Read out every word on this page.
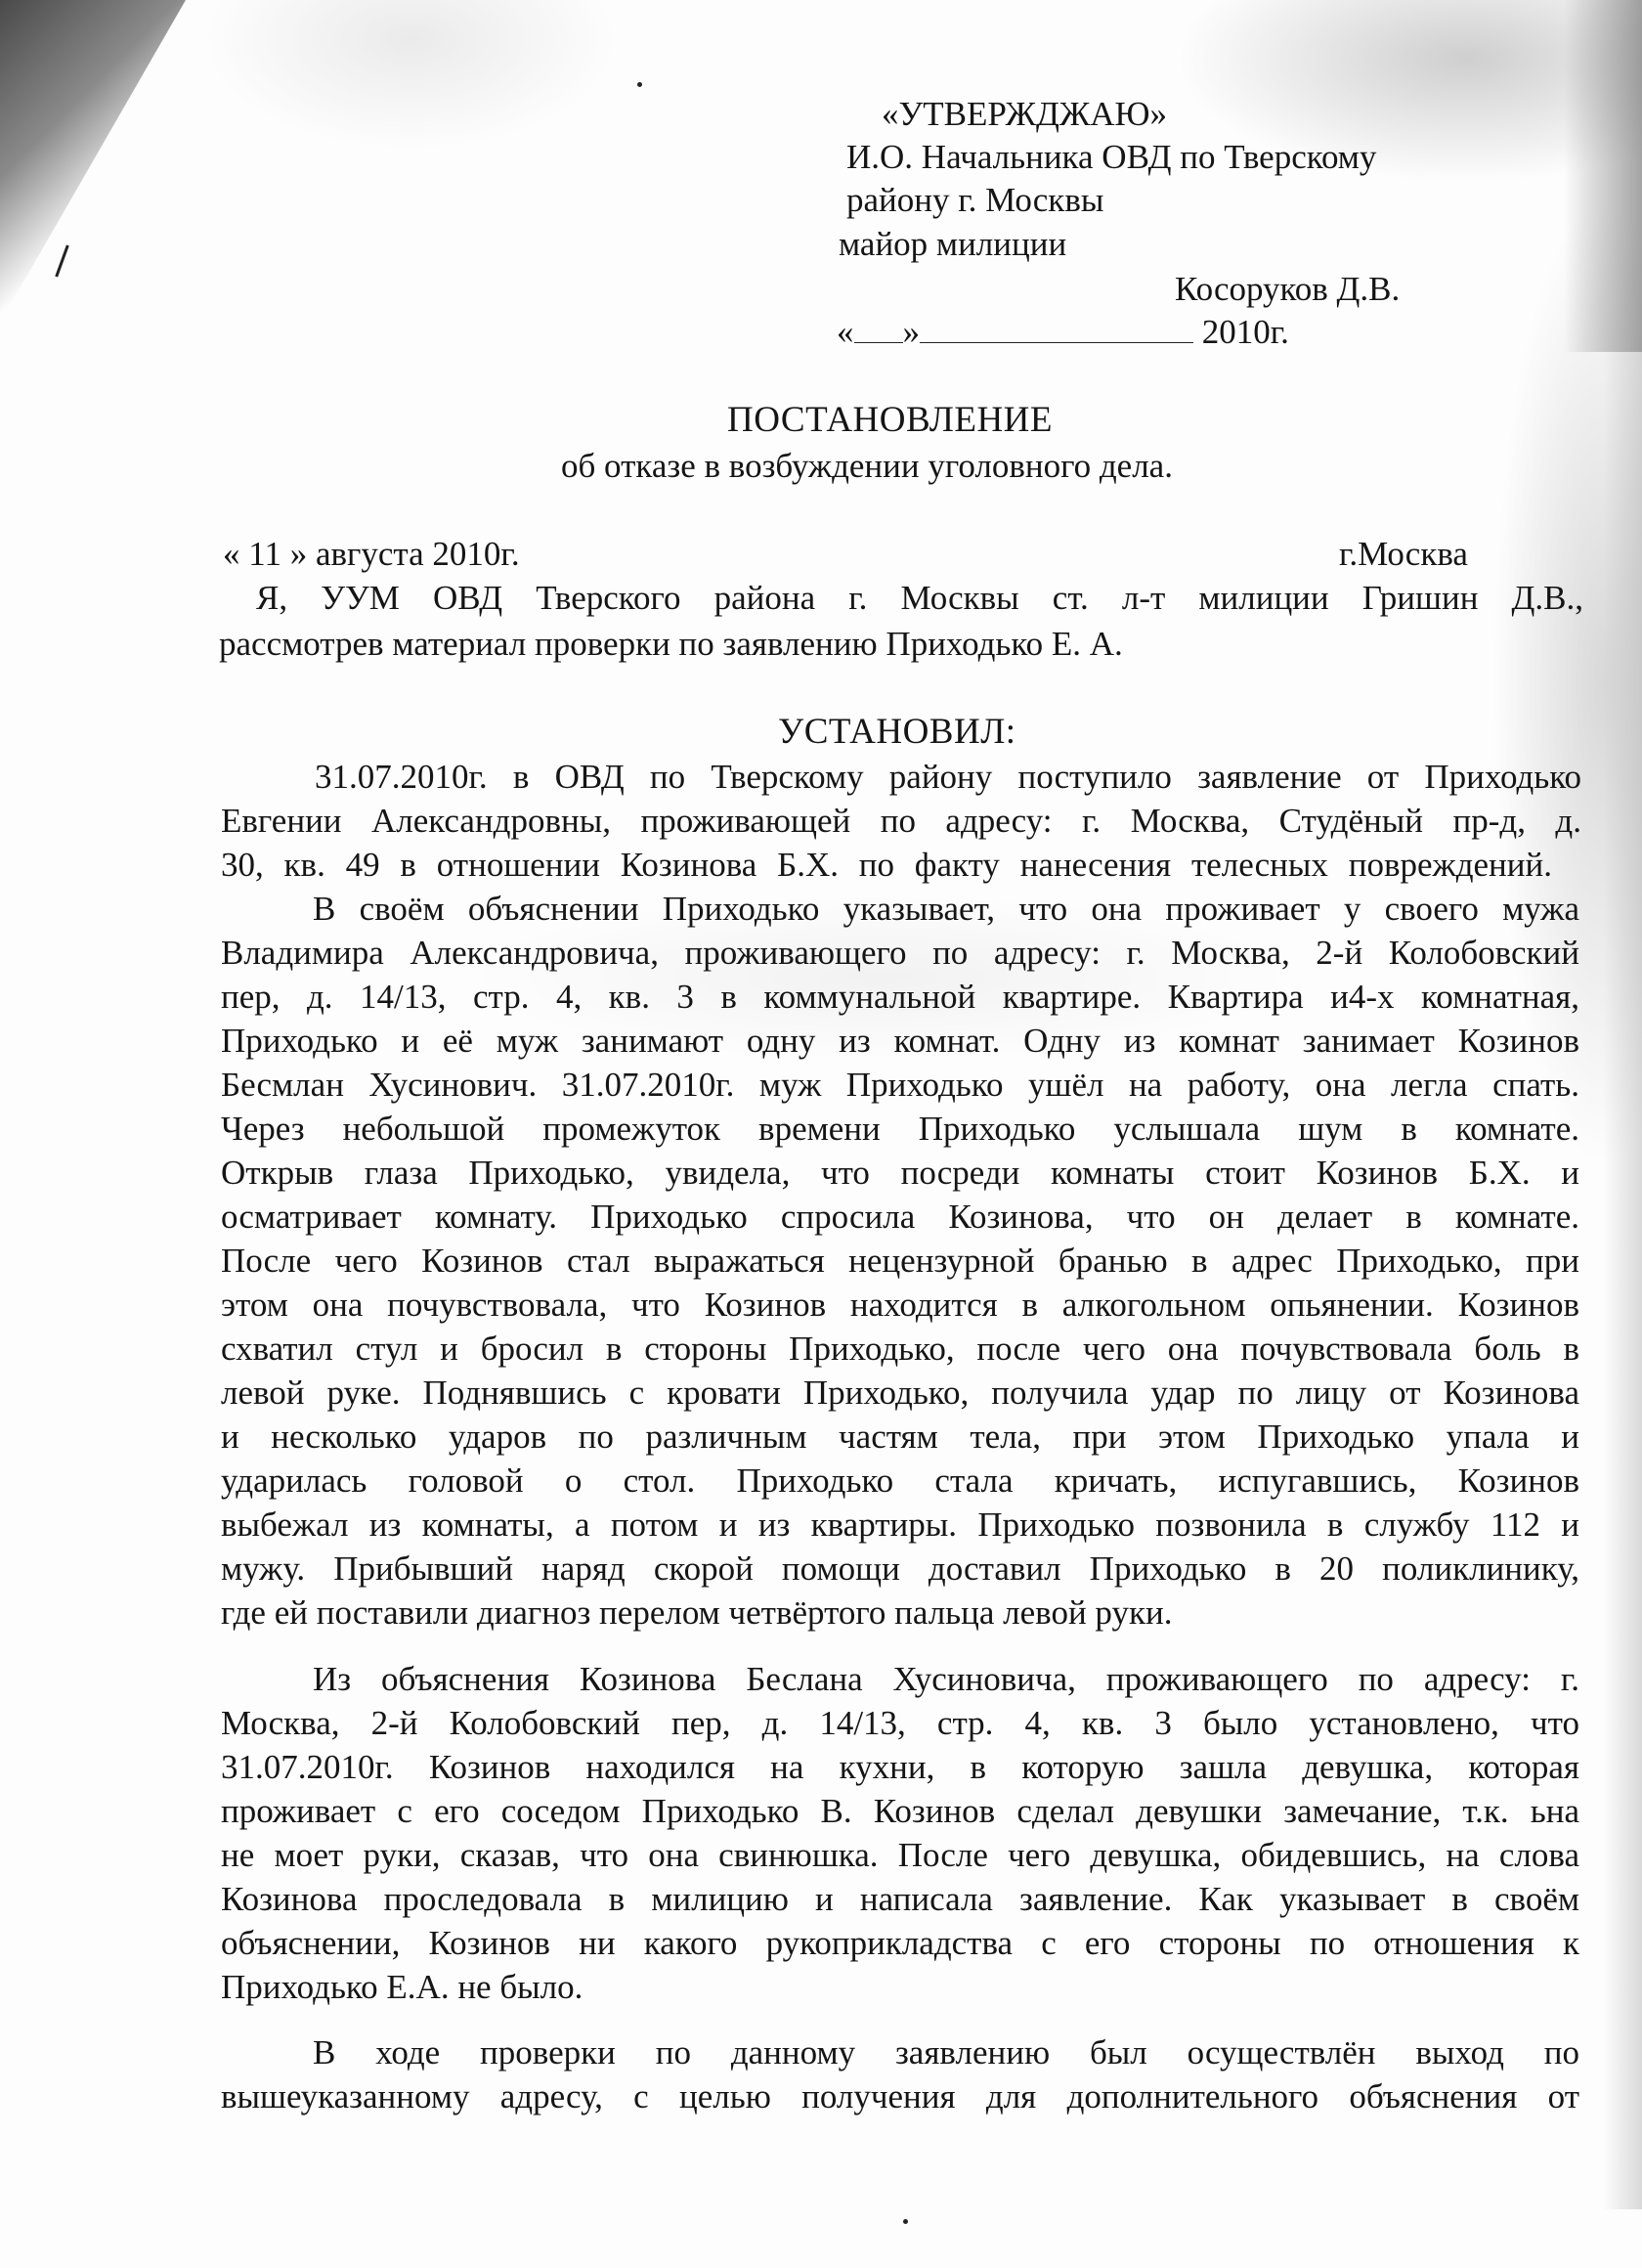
«УТВЕРЖДЖАЮ»
И.О. Начальника ОВД по Тверскому
району г. Москвы
майор милиции
Косоруков Д.В.
« »	2010г.
ПОСТАНОВЛЕНИЕ
об отказе в возбуждении уголовного дела.
« 11 » августа 2010г.	г.Москва
Я, УУМ ОВД Тверского района г. Москвы ст. л-т милиции Гришин Д.В.,
рассмотрев материал проверки по заявлению Приходько Е. А.
УСТАНОВИЛ:
31.07.2010г. в ОВД по Тверскому району поступило заявление от Приходько
Евгении Александровны, проживающей по адресу: г. Москва, Студёный пр-д, д.
30, кв. 49 в отношении Козинова Б.Х. по факту нанесения телесных повреждений.
В своём объяснении Приходько указывает, что она проживает у своего мужа
Владимира Александровича, проживающего по адресу: г. Москва, 2-й Колобовский
пер, д. 14/13, стр. 4, кв. 3 в коммунальной квартире. Квартира и4-х комнатная,
Приходько и её муж занимают одну из комнат. Одну из комнат занимает Козинов
Бесмлан Хусинович. 31.07.2010г. муж Приходько ушёл на работу, она легла спать.
Через небольшой промежуток времени Приходько услышала шум в комнате.
Открыв глаза Приходько, увидела, что посреди комнаты стоит Козинов Б.Х. и
осматривает комнату. Приходько спросила Козинова, что он делает в комнате.
После чего Козинов стал выражаться нецензурной бранью в адрес Приходько, при
этом она почувствовала, что Козинов находится в алкогольном опьянении. Козинов
схватил стул и бросил в стороны Приходько, после чего она почувствовала боль в
левой руке. Поднявшись с кровати Приходько, получила удар по лицу от Козинова
и несколько ударов по различным частям тела, при этом Приходько упала и
ударилась головой о стол. Приходько стала кричать, испугавшись, Козинов
выбежал из комнаты, а потом и из квартиры. Приходько позвонила в службу 112 и
мужу. Прибывший наряд скорой помощи доставил Приходько в 20 поликлинику,
где ей поставили диагноз перелом четвёртого пальца левой руки.
Из объяснения Козинова Беслана Хусиновича, проживающего по адресу: г.
Москва, 2-й Колобовский пер, д. 14/13, стр. 4, кв. 3 было установлено, что
31.07.2010г. Козинов находился на кухни, в которую зашла девушка, которая
проживает с его соседом Приходько В. Козинов сделал девушки замечание, т.к. ьна
не моет руки, сказав, что она свинюшка. После чего девушка, обидевшись, на слова
Козинова проследовала в милицию и написала заявление. Как указывает в своём
объяснении, Козинов ни какого рукоприкладства с его стороны по отношения к
Приходько Е.А. не было.
В ходе проверки по данному заявлению был осуществлён выход по
вышеуказанному адресу, с целью получения для дополнительного объяснения от
